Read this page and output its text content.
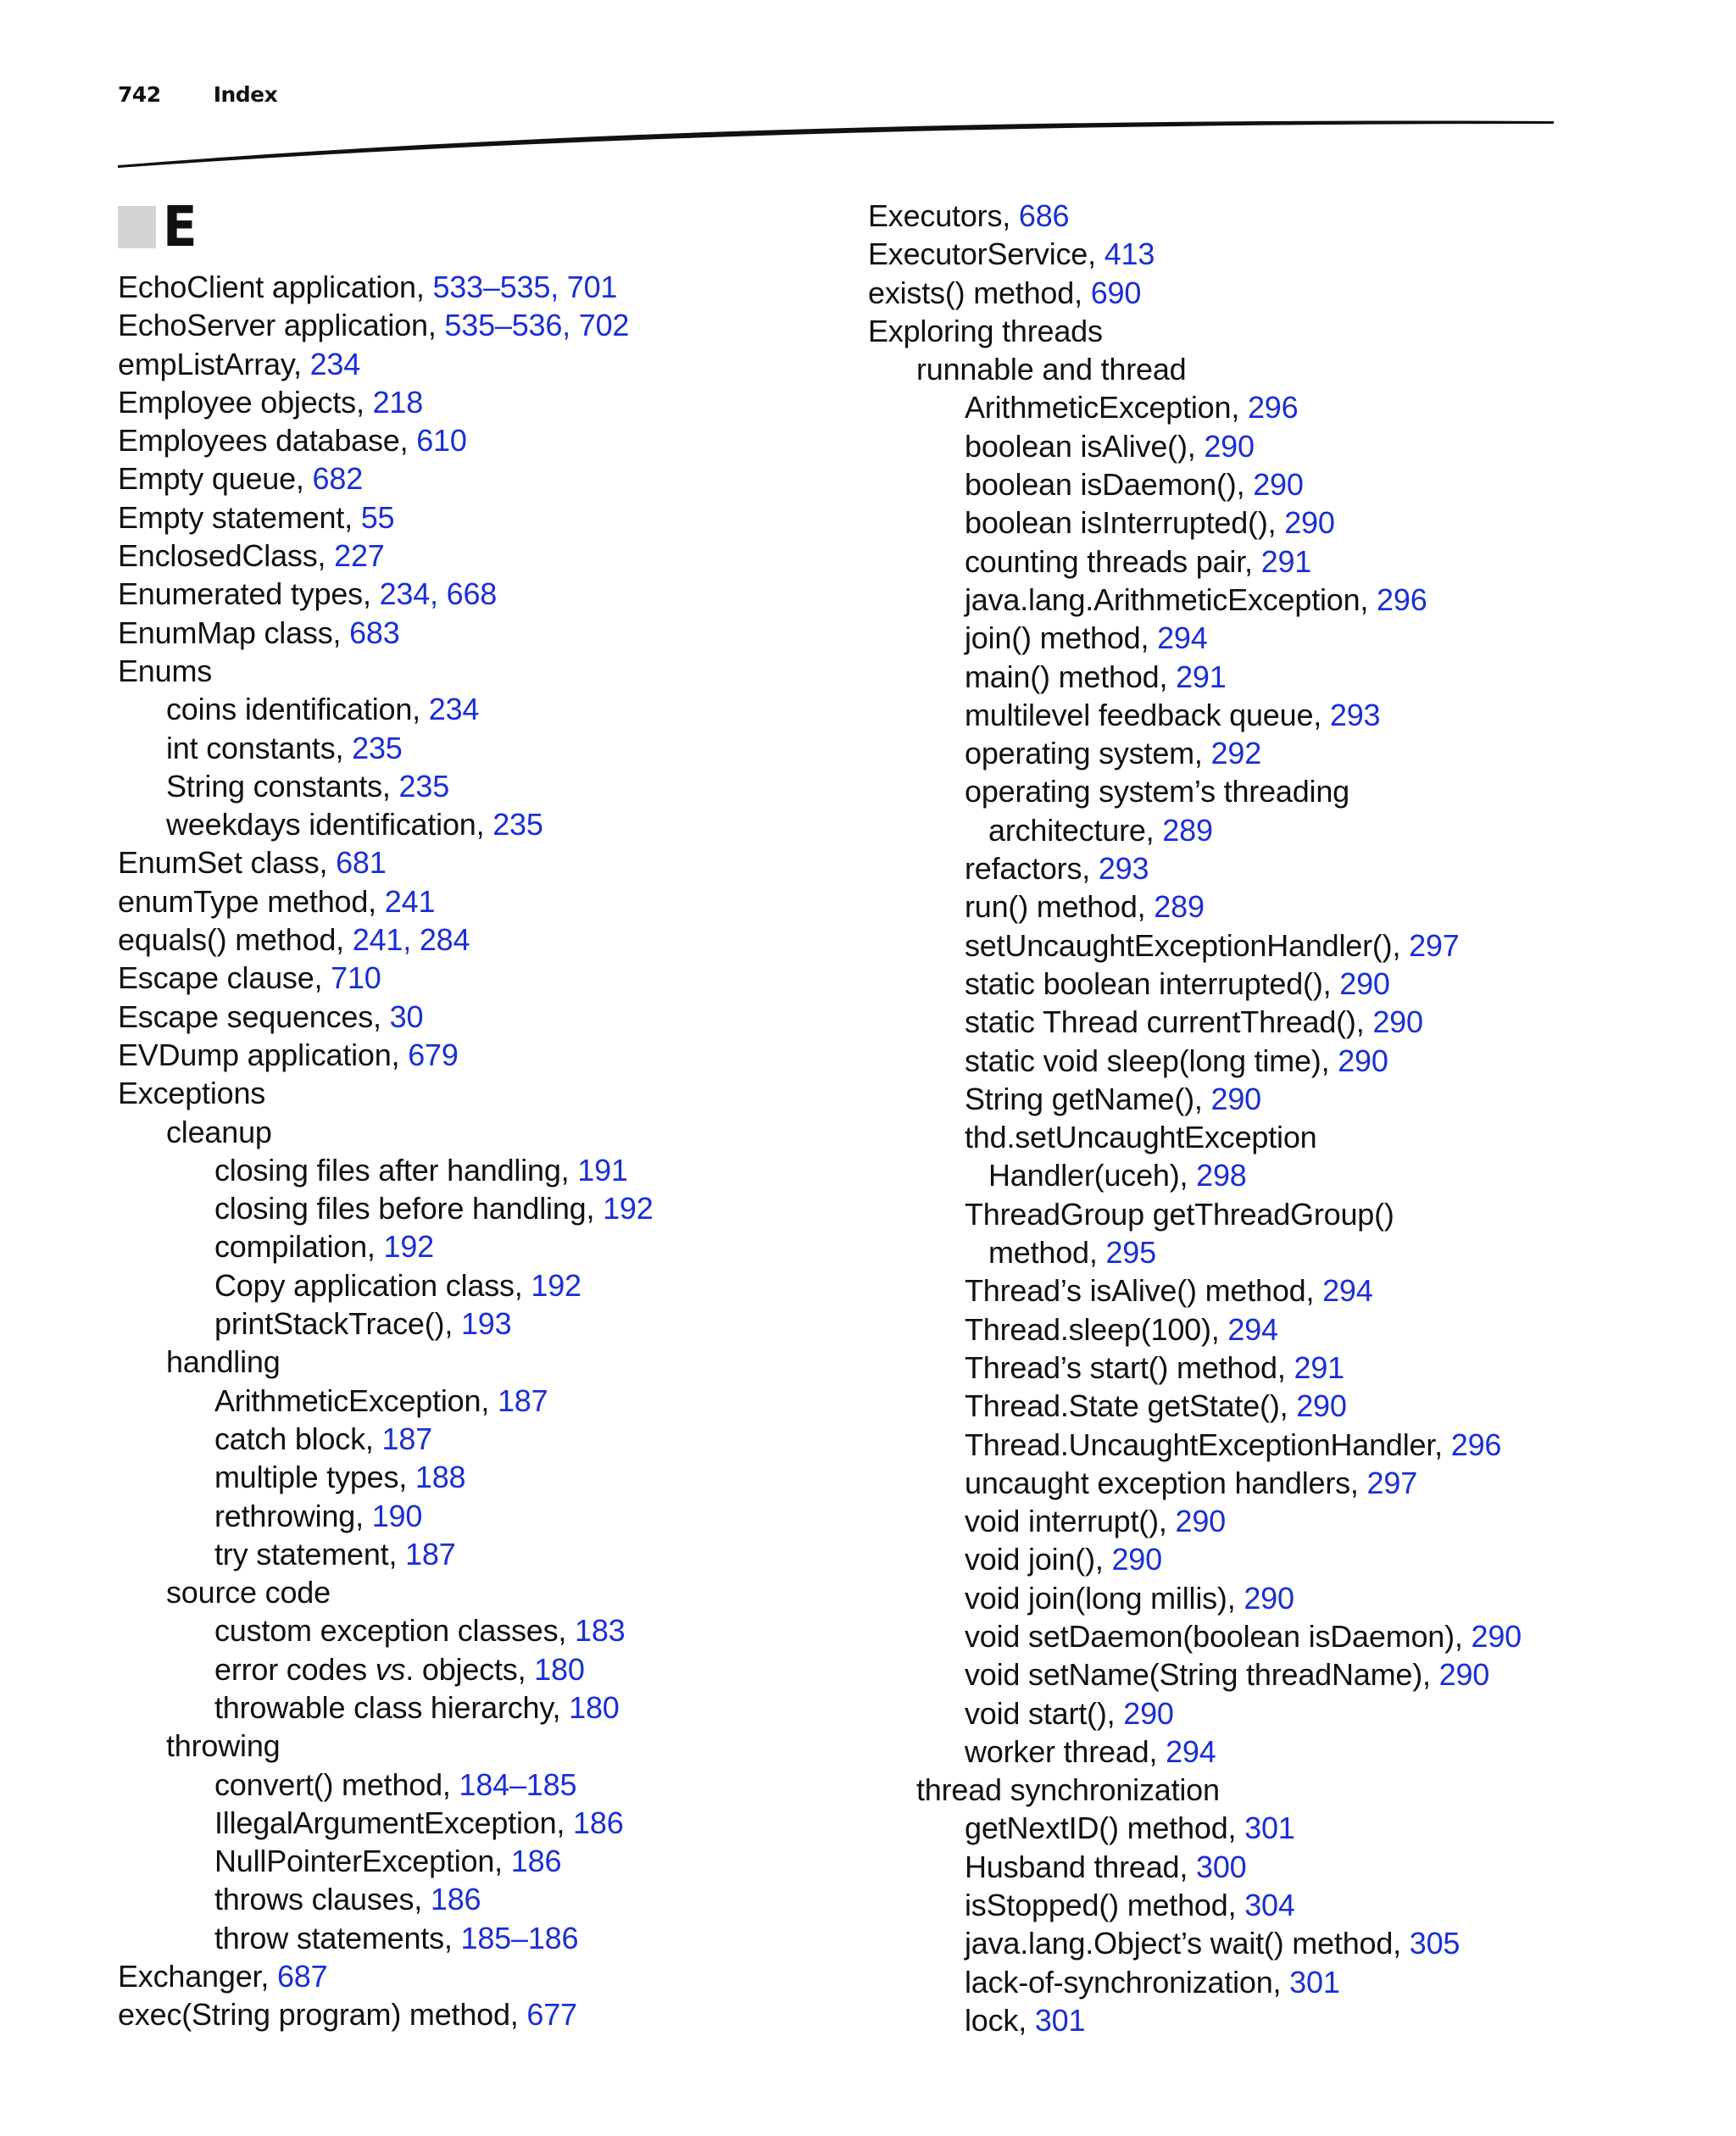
742 Index
E
EchoClient application, 533–535, 701
EchoServer application, 535–536, 702
empListArray, 234
Employee objects, 218
Employees database, 610
Empty queue, 682
Empty statement, 55
EnclosedClass, 227
Enumerated types, 234, 668
EnumMap class, 683
Enums
coins identification, 234
int constants, 235
String constants, 235
weekdays identification, 235
EnumSet class, 681
enumType method, 241
equals() method, 241, 284
Escape clause, 710
Escape sequences, 30
EVDump application, 679
Exceptions
cleanup
closing files after handling, 191
closing files before handling, 192
compilation, 192
Copy application class, 192
printStackTrace(), 193
handling
ArithmeticException, 187
catch block, 187
multiple types, 188
rethrowing, 190
try statement, 187
source code
custom exception classes, 183
error codes vs. objects, 180
throwable class hierarchy, 180
throwing
convert() method, 184–185
IllegalArgumentException, 186
NullPointerException, 186
throws clauses, 186
throw statements, 185–186
Exchanger, 687
exec(String program) method, 677
Executors, 686
ExecutorService, 413
exists() method, 690
Exploring threads
runnable and thread
ArithmeticException, 296
boolean isAlive(), 290
boolean isDaemon(), 290
boolean isInterrupted(), 290
counting threads pair, 291
java.lang.ArithmeticException, 296
join() method, 294
main() method, 291
multilevel feedback queue, 293
operating system, 292
operating system’s threading
architecture, 289
refactors, 293
run() method, 289
setUncaughtExceptionHandler(), 297
static boolean interrupted(), 290
static Thread currentThread(), 290
static void sleep(long time), 290
String getName(), 290
thd.setUncaughtException
Handler(uceh), 298
ThreadGroup getThreadGroup()
method, 295
Thread’s isAlive() method, 294
Thread.sleep(100), 294
Thread’s start() method, 291
Thread.State getState(), 290
Thread.UncaughtExceptionHandler, 296
uncaught exception handlers, 297
void interrupt(), 290
void join(), 290
void join(long millis), 290
void setDaemon(boolean isDaemon), 290
void setName(String threadName), 290
void start(), 290
worker thread, 294
thread synchronization
getNextID() method, 301
Husband thread, 300
isStopped() method, 304
java.lang.Object’s wait() method, 305
lack-of-synchronization, 301
lock, 301
